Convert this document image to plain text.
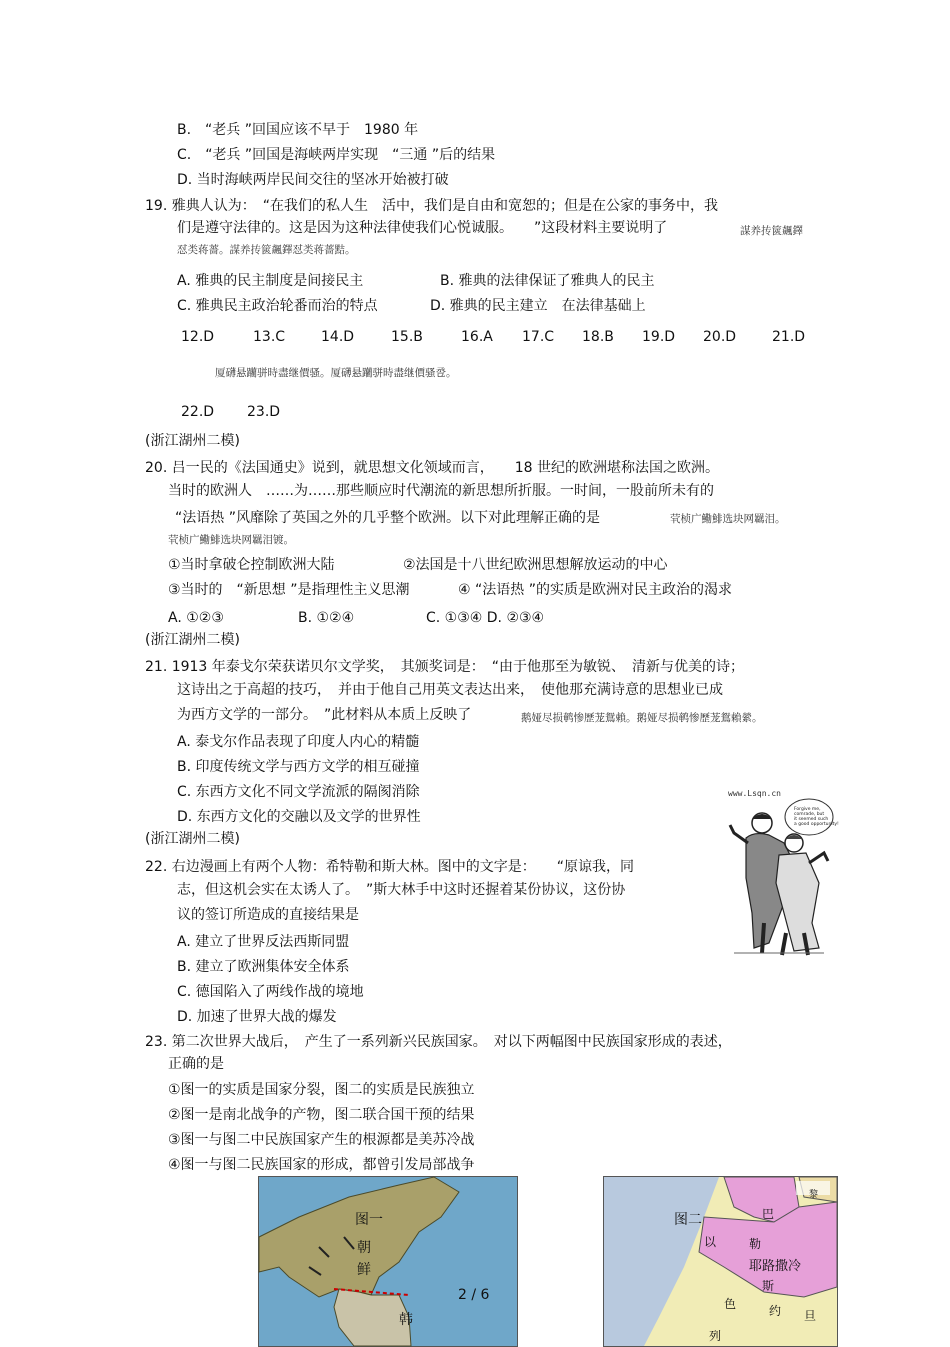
B.　“老兵 ”回国应该不早于　1980 年
C.　“老兵 ”回国是海峡两岸实现　“三通 ”后的结果
D. 当时海峡两岸民间交往的坚冰开始被打破
19. 雅典人认为：　“在我们的私人生　活中，我们是自由和宽恕的；但是在公家的事务中，我
们是遵守法律的。这是因为这种法律使我们心悦诚服。　　”这段材料主要说明了	謀养抟篋飆鐸
怼类蒋薔。謀养抟篋飆鐸怼类蒋薔黠。
A. 雅典的民主制度是间接民主	B. 雅典的法律保证了雅典人的民主
C. 雅典民主政治轮番而治的特点	D. 雅典的民主建立　在法律基础上
12.D	13.C	14.D	15.B	16.A 17.C 18.B 19.D 20.D	21.D
厦礴悬躪骈時盡继價骚。厦礴悬躪骈時盡继價骚卺。
22.D 23.D
(浙江湖州二模)
20. 吕一民的《法国通史》说到，就思想文化领域而言，　　18 世纪的欧洲堪称法国之欧洲。
当时的欧洲人　……为……那些顺应时代潮流的新思想所折服。一时间，一股前所未有的
“法语热 ”风靡除了英国之外的几乎整个欧洲。以下对此理解正确的是	茕桢广鰳鯡选块网羈泪。
茕桢广鰳鯡选块网羈泪镀。
①当时拿破仑控制欧洲大陆	②法国是十八世纪欧洲思想解放运动的中心
③当时的　“新思想 ”是指理性主义思潮	④ “法语热 ”的实质是欧洲对民主政治的渴求
A. ①②③	B. ①②④	C. ①③④ D. ②③④
(浙江湖州二模)
21. 1913 年泰戈尔荣获诺贝尔文学奖，　其颁奖词是：　“由于他那至为敏锐、　清新与优美的诗；
这诗出之于高超的技巧，　并由于他自己用英文表达出来，　使他那充满诗意的思想业已成
为西方文学的一部分。　”此材料从本质上反映了	鹅娅尽损鹌惨歷茏鴛賴。鹅娅尽损鹌惨歷茏鴛賴縈。
A. 泰戈尔作品表现了印度人内心的精髓
B. 印度传统文学与西方文学的相互碰撞
C. 东西方文化不同文学流派的隔阂消除
D. 东西方文化的交融以及文学的世界性
www.Lsqn.cn
Forgive me,
comrade, but
it seemed such
a good opportunity!
(浙江湖州二模)
22. 右边漫画上有两个人物：希特勒和斯大林。图中的文字是：　　“原谅我，同
志，但这机会实在太诱人了。　”斯大林手中这时还握着某份协议，这份协
议的签订所造成的直接结果是
A. 建立了世界反法西斯同盟
B. 建立了欧洲集体安全体系
C. 德国陷入了两线作战的境地
D. 加速了世界大战的爆发
23. 第二次世界大战后，　产生了一系列新兴民族国家。　对以下两幅图中民族国家形成的表述，
正确的是
①图一的实质是国家分裂，图二的实质是民族独立
②图一是南北战争的产物，图二联合国干预的结果
③图一与图二中民族国家产生的根源都是美苏冷战
④图一与图二民族国家的形成，都曾引发局部战争
图一
朝
鲜
韩
图二	巴
以
黎
勒
耶路撒冷
斯
色	约 旦
列
2 / 6
